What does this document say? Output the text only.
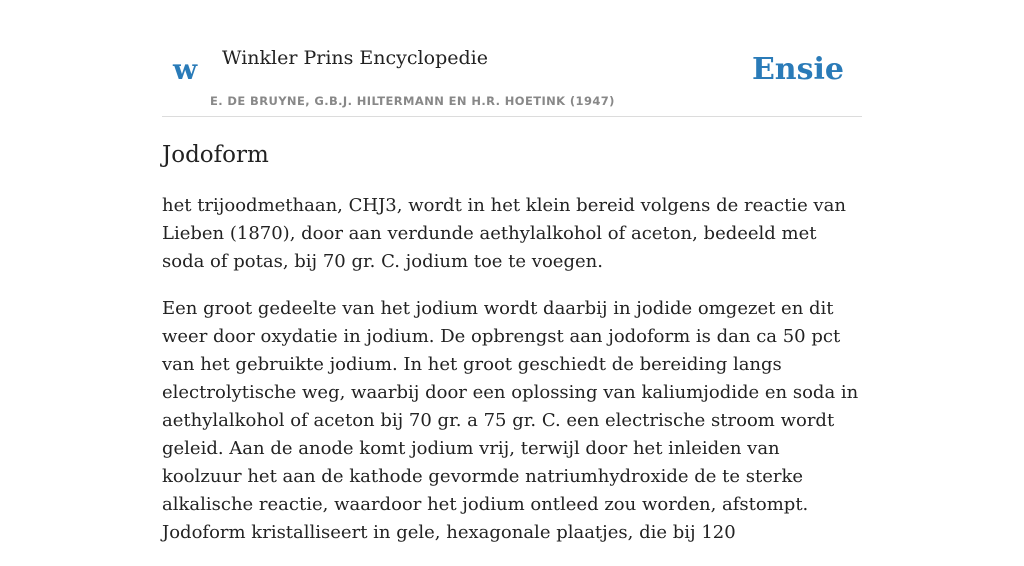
w Winkler Prins Encyclopedie
E. DE BRUYNE, G.B.J. HILTERMANN EN H.R. HOETINK (1947)
Ensie
Jodoform

het trijoodmethaan, CHJ3, wordt in het klein bereid volgens de reactie van Lieben (1870), door aan verdunde aethylalkohol of aceton, bedeeld met soda of potas, bij 70 gr. C. jodium toe te voegen.

Een groot gedeelte van het jodium wordt daarbij in jodide omgezet en dit weer door oxydatie in jodium. De opbrengst aan jodoform is dan ca 50 pct van het gebruikte jodium. In het groot geschiedt de bereiding langs electrolytische weg, waarbij door een oplossing van kaliumjodide en soda in aethylalkohol of aceton bij 70 gr. a 75 gr. C. een electrische stroom wordt geleid. Aan de anode komt jodium vrij, terwijl door het inleiden van koolzuur het aan de kathode gevormde natriumhydroxide de te sterke alkalische reactie, waardoor het jodium ontleed zou worden, afstompt. Jodoform kristalliseert in gele, hexagonale plaatjes, die bij 120
